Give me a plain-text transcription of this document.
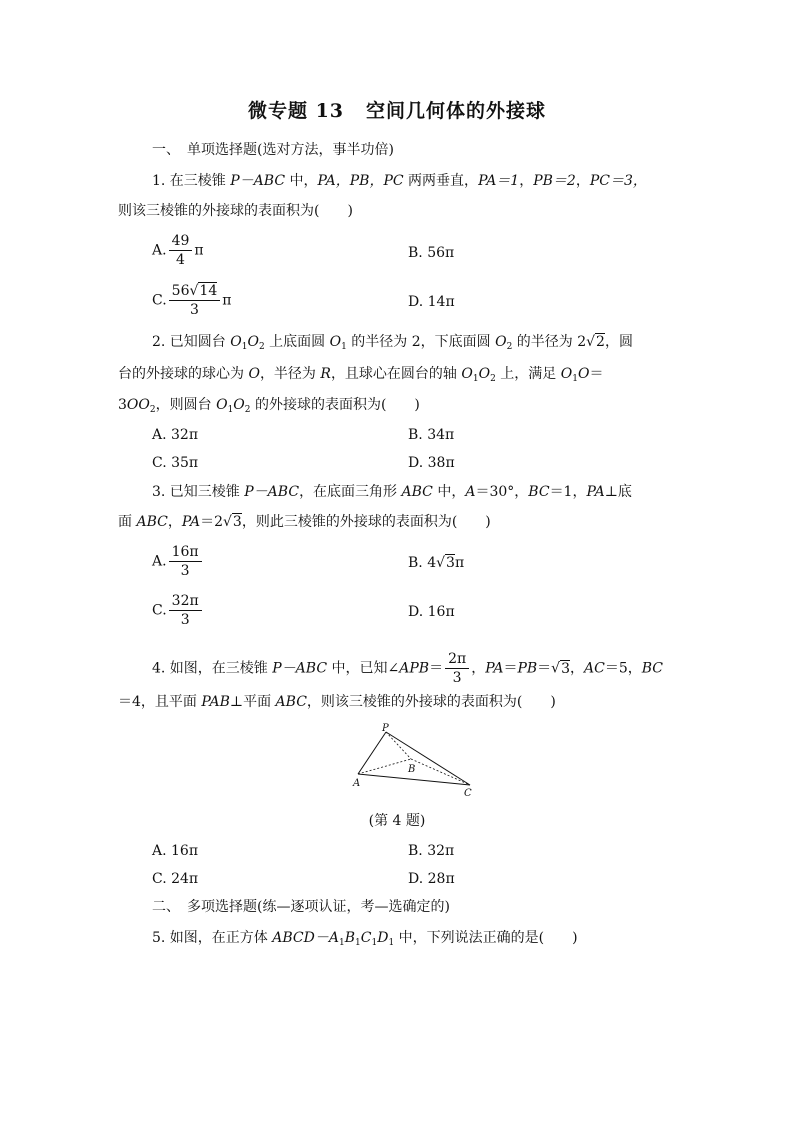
微专题 13 空间几何体的外接球
一、　单项选择题(选对方法，事半功倍)
1. 在三棱锥 P－ABC 中，PA，PB，PC 两两垂直，PA＝1，PB＝2，PC＝3，
则该三棱锥的外接球的表面积为(　　)
A. $\frac{49}{4}$ π	B. 56π
C. $\frac{56√14}{3}$ π	D. 14π
2. 已知圆台 $O_1O_2$ 上底面圆 $O_1$ 的半径为 2，下底面圆 $O_2$ 的半径为 2√2，圆
台的外接球的球心为 O，半径为 R，且球心在圆台的轴 $O_1O_2$ 上，满足 $O_1O=$
$3OO_2$，则圆台 $O_1O_2$ 的外接球的表面积为(　　)
A. 32π	B. 34π
C. 35π	D. 38π
3. 已知三棱锥 P－ABC，在底面三角形 ABC 中，A＝30°，BC＝1，PA⊥底
面 ABC，PA＝2√3，则此三棱锥的外接球的表面积为(　　)
A. $\frac{16\pi}{3}$	B. 4√3π
C. $\frac{32\pi}{3}$	D. 16π
4. 如图，在三棱锥 P－ABC 中，已知∠APB＝ $\frac{2\pi}{3}$ ，PA＝PB＝√3，AC＝5，BC
＝4，且平面 PAB⊥平面 ABC，则该三棱锥的外接球的表面积为(　　)
P
A
B
C
(第 4 题)
A. 16π	B. 32π
C. 24π	D. 28π
二、　多项选择题(练—逐项认证，考—选确定的)
5. 如图，在正方体 $ABCD-A_1B_1C_1D_1$ 中，下列说法正确的是(　　)
